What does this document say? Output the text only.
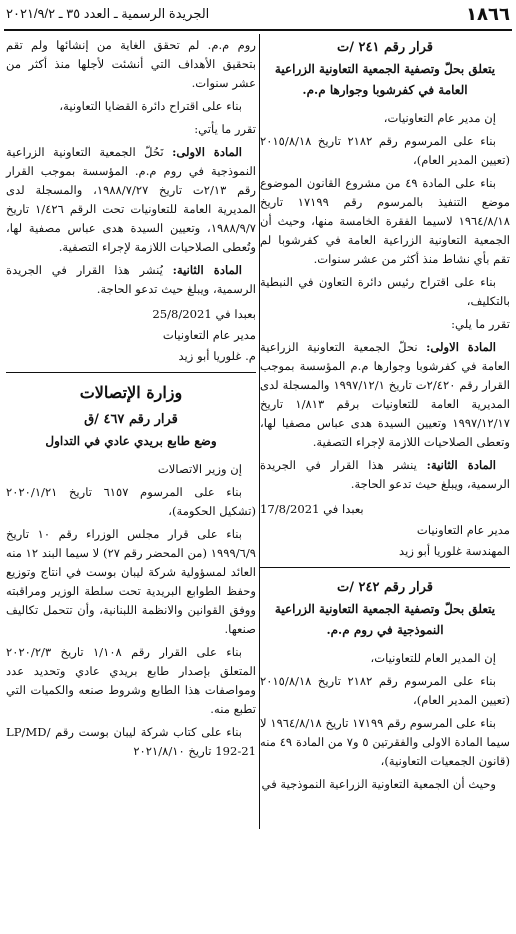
١٨٦٦
الجريدة الرسمية ـ العدد ٣٥ ـ ٢٠٢١/٩/٢
قرار رقم ٢٤١ /ت
يتعلق بحلّ وتصفية الجمعية التعاونية الزراعية العامة في كفرشوبا وجوارها م.م.

إن مدير عام التعاونيات،

بناء على المرسوم رقم ٢١٨٢ تاريخ ٢٠١٥/٨/١٨ (تعيين المدير العام)،

بناء على المادة ٤٩ من مشروع القانون الموضوع موضع التنفيذ بالمرسوم رقم ١٧١٩٩ تاريخ ١٩٦٤/٨/١٨ لاسيما الفقرة الخامسة منها، وحيث أن الجمعية التعاونية الزراعية العامة في كفرشوبا لم تقم بأي نشاط منذ أكثر من عشر سنوات.

بناء على اقتراح رئيس دائرة التعاون في النبطية بالتكليف،

تقرر ما يلي:

المادة الاولى: نحلّ الجمعية التعاونية الزراعية العامة في كفرشوبا وجوارها م.م المؤسسة بموجب القرار رقم ٢/٤٢٠ت تاريخ ١٩٩٧/١٢/١ والمسجلة لدى المديرية العامة للتعاونيات برقم ١/٨١٣ تاريخ ١٩٩٧/١٢/١٧ وتعيين السيدة هدى عباس مصفيا لها، وتعطى الصلاحيات اللازمة لإجراء التصفية.

المادة الثانية: ينشر هذا القرار في الجريدة الرسمية، ويبلغ حيث تدعو الحاجة.

بعبدا في 17/8/2021
مدير عام التعاونيات
المهندسة غلوريا أبو زيد
قرار رقم ٢٤٢ /ت
يتعلق بحلّ وتصفية الجمعية التعاونية الزراعية النموذجية في روم م.م.

إن المدير العام للتعاونيات،

بناء على المرسوم رقم ٢١٨٢ تاريخ ٢٠١٥/٨/١٨ (تعيين المدير العام)،

بناء على المرسوم رقم ١٧١٩٩ تاريخ ١٩٦٤/٨/١٨ لا سيما المادة الاولى والفقرتين ٥ و٧ من المادة ٤٩ منه (قانون الجمعيات التعاونية)،

وحيث أن الجمعية التعاونية الزراعية النموذجية في

روم م.م. لم تحقق الغاية من إنشائها ولم تقم بتحقيق الأهداف التي أنشئت لأجلها منذ أكثر من عشر سنوات.

بناء على اقتراح دائرة القضايا التعاونية،

تقرر ما يأتي:

المادة الاولى: نَحُلّ الجمعية التعاونية الزراعية النموذجية في روم م.م. المؤسسة بموجب القرار رقم ٢/١٣ت تاريخ ١٩٨٨/٧/٢٧، والمسجلة لدى المديرية العامة للتعاونيات تحت الرقم ١/٤٢٦ تاريخ ١٩٨٨/٩/٧، وتعيين السيدة هدى عباس مصفية لها، وتُعطى الصلاحيات اللازمة لإجراء التصفية.

المادة الثانية: يُنشر هذا القرار في الجريدة الرسمية، ويبلغ حيث تدعو الحاجة.

بعبدا في 25/8/2021
مدير عام التعاونيات
م. غلوريا أبو زيد
وزارة الإتصالات
قرار رقم ٤٦٧ /ق
وضع طابع بريدي عادي في التداول

إن وزير الاتصالات

بناء على المرسوم ٦١٥٧ تاريخ ٢٠٢٠/١/٢١ (تشكيل الحكومة)،

بناء على قرار مجلس الوزراء رقم ١٠ تاريخ ١٩٩٩/٦/٩ (من المحضر رقم ٢٧) لا سيما البند ١٢ منه العائد لمسؤولية شركة ليبان بوست في انتاج وتوزيع وحفظ الطوابع البريدية تحت سلطة الوزير ومراقبته ووفق القوانين والانظمة اللبنانية، وأن تتحمل تكاليف صنعها.

بناء على القرار رقم ١/١٠٨ تاريخ ٢٠٢٠/٢/٣ المتعلق بإصدار طابع بريدي عادي وتحديد عدد ومواصفات هذا الطابع وشروط صنعه والكميات التي تطبع منه.

بناء على كتاب شركة ليبان بوست رقم LP/MD/ 192-21 تاريخ ٢٠٢١/٨/١٠
